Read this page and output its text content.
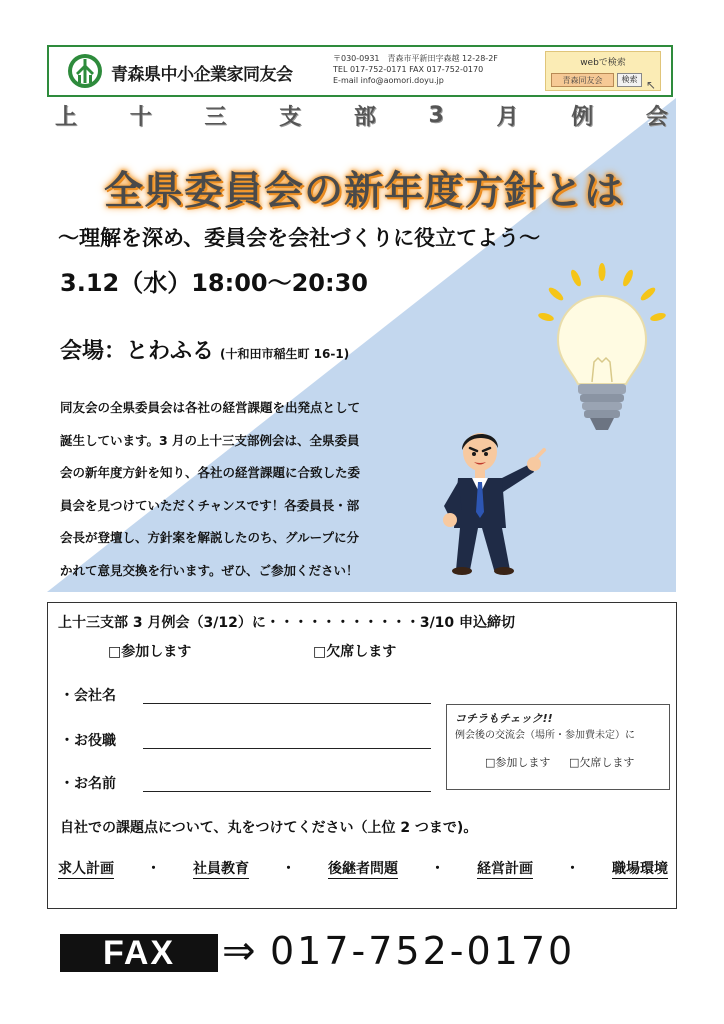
青森県中小企業家同友会
〒030-0931　青森市平新田字森越 12-28-2F
TEL 017-752-0171 FAX 017-752-0170
E-mail info@aomori.doyu.jp
webで検索
青森同友会	検索 ↖
上 十 三 支 部 3 月 例 会
全県委員会の新年度方針とは
～理解を深め、委員会を会社づくりに役立てよう～
3.12（水）18:00～20:30
会場：とわふる (十和田市稲生町 16-1)
同友会の全県委員会は各社の経営課題を出発点として
誕生しています。3 月の上十三支部例会は、全県委員
会の新年度方針を知り、各社の経営課題に合致した委
員会を見つけていただくチャンスです！各委員長・部
会長が登壇し、方針案を解説したのち、グループに分
かれて意見交換を行います。ぜひ、ご参加ください！
上十三支部 3 月例会（3/12）に・・・・・・・・・・・3/10 申込締切
□参加します	□欠席します
・会社名
・お役職
・お名前
コチラもチェック!!
例会後の交流会（場所・参加費未定）に
□参加します □欠席します
自社での課題点について、丸をつけてください（上位 2 つまで)。
求人計画 ・ 社員教育 ・ 後継者問題 ・ 経営計画 ・ 職場環境
FAX	⇒ 017-752-0170
